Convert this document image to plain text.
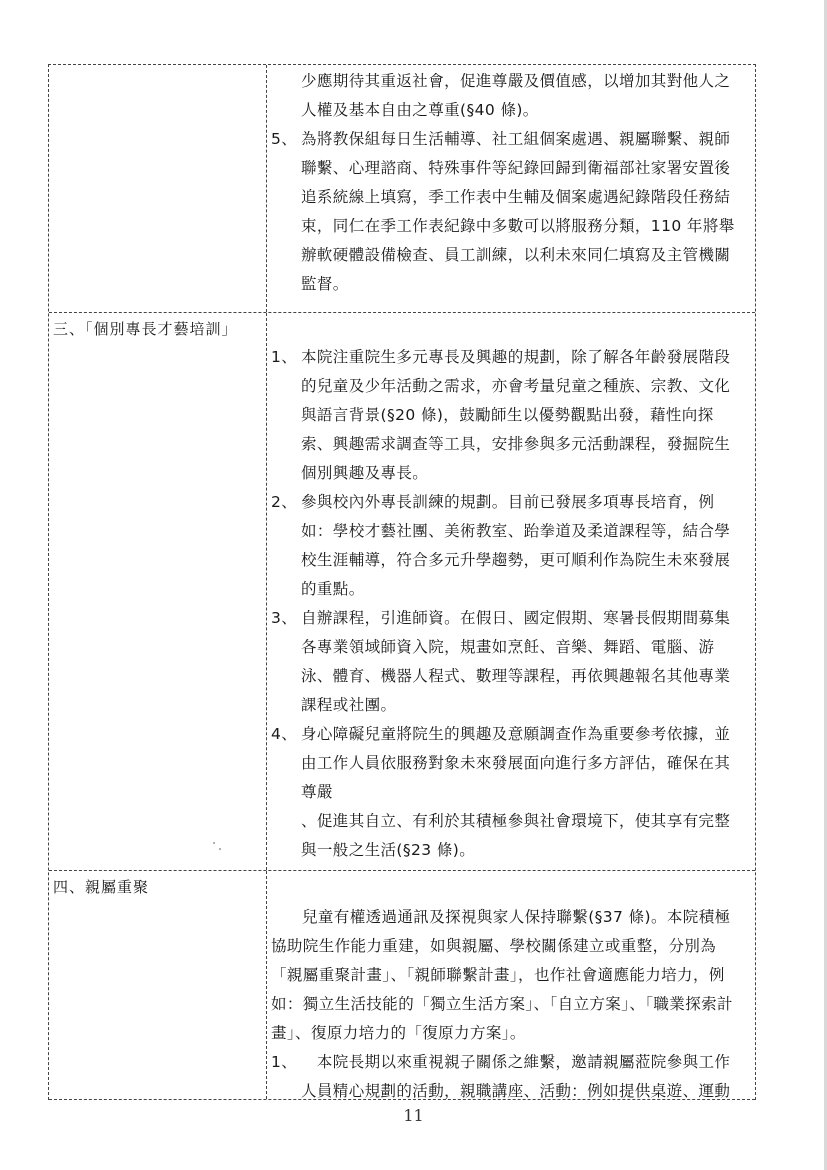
少應期待其重返社會，促進尊嚴及價值感，以增加其對他人之人權及基本自由之尊重(§40 條)。

5、 為將教保組每日生活輔導、社工組個案處遇、親屬聯繫、親師聯繫、心理諮商、特殊事件等紀錄回歸到衛福部社家署安置後追系統線上填寫，季工作表中生輔及個案處遇紀錄階段任務結束，同仁在季工作表紀錄中多數可以將服務分類，110 年將舉辦軟硬體設備檢查、員工訓練，以利未來同仁填寫及主管機關監督。
三、「個別專長才藝培訓」
1、 本院注重院生多元專長及興趣的規劃，除了解各年齡發展階段的兒童及少年活動之需求，亦會考量兒童之種族、宗教、文化與語言背景(§20 條)，鼓勵師生以優勢觀點出發，藉性向探索、興趣需求調查等工具，安排參與多元活動課程，發掘院生個別興趣及專長。
2、 參與校內外專長訓練的規劃。目前已發展多項專長培育，例如：學校才藝社團、美術教室、跆拳道及柔道課程等，結合學校生涯輔導，符合多元升學趨勢，更可順利作為院生未來發展的重點。
3、 自辦課程，引進師資。在假日、國定假期、寒暑長假期間募集各專業領域師資入院，規畫如烹飪、音樂、舞蹈、電腦、游泳、體育、機器人程式、數理等課程，再依興趣報名其他專業課程或社團。
4、 身心障礙兒童將院生的興趣及意願調查作為重要參考依據，並由工作人員依服務對象未來發展面向進行多方評估，確保在其尊嚴
、促進其自立、有利於其積極參與社會環境下，使其享有完整與一般之生活(§23 條)。
四、親屬重聚

兒童有權透過通訊及探視與家人保持聯繫(§37 條)。本院積極協助院生作能力重建，如與親屬、學校關係建立或重整，分別為「親屬重聚計畫」、「親師聯繫計畫」，也作社會適應能力培力，例如：獨立生活技能的「獨立生活方案」、「自立方案」、「職業探索計畫」、復原力培力的「復原力方案」。

1、 　本院長期以來重視親子關係之維繫，邀請親屬蒞院參與工作人員精心規劃的活動，親職講座、活動：例如提供桌遊、運動
11
